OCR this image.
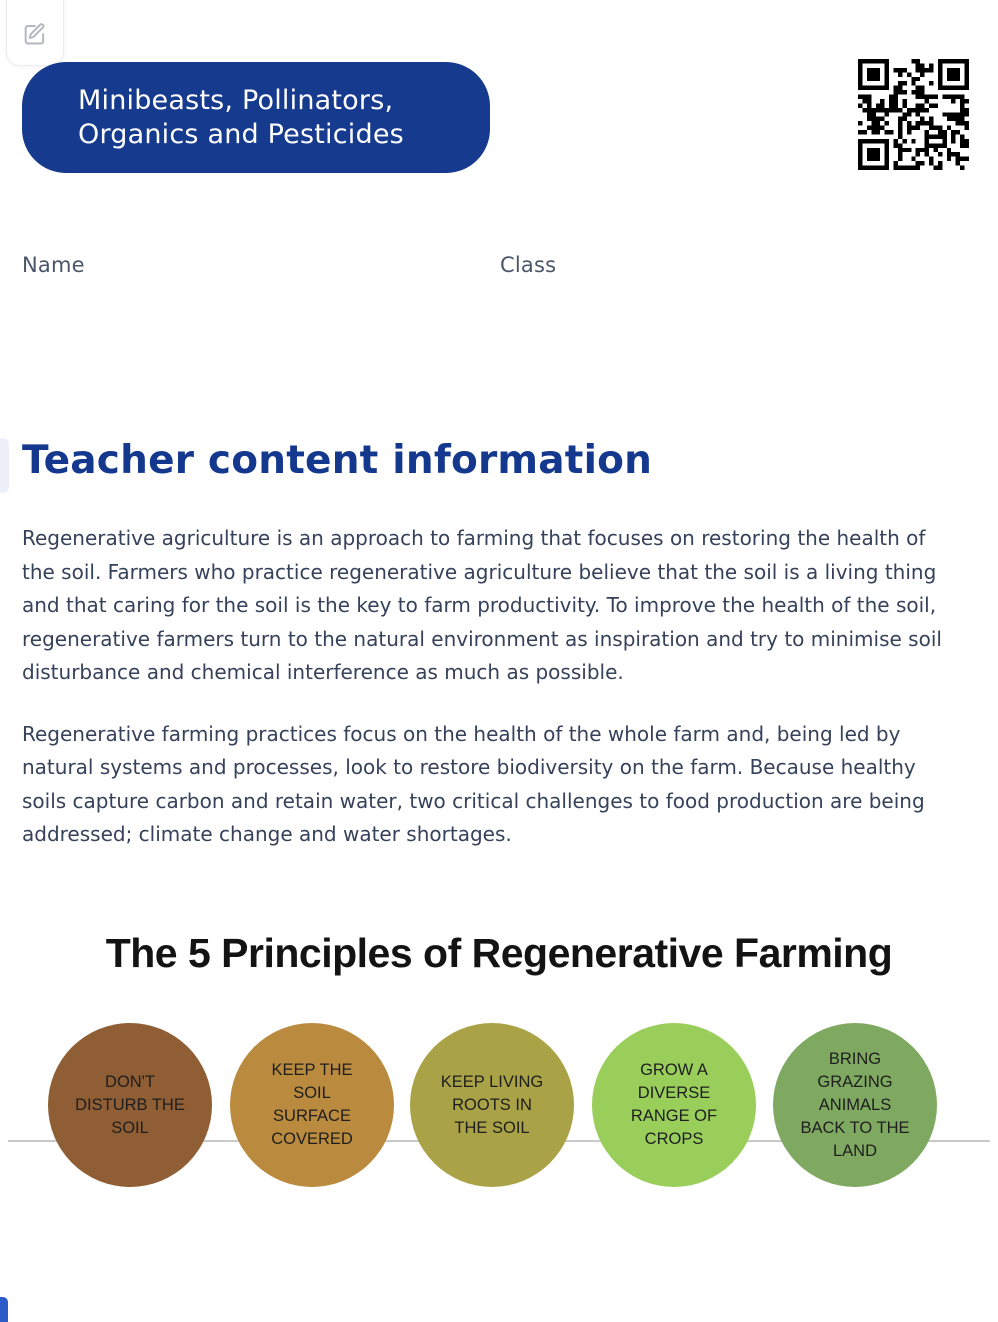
Minibeasts, Pollinators,
Organics and Pesticides
Name	Class
Teacher content information

Regenerative agriculture is an approach to farming that focuses on restoring the health of the soil. Farmers who practice regenerative agriculture believe that the soil is a living thing and that caring for the soil is the key to farm productivity. To improve the health of the soil, regenerative farmers turn to the natural environment as inspiration and try to minimise soil disturbance and chemical interference as much as possible.

Regenerative farming practices focus on the health of the whole farm and, being led by natural systems and processes, look to restore biodiversity on the farm. Because healthy soils capture carbon and retain water, two critical challenges to food production are being addressed; climate change and water shortages.

The 5 Principles of Regenerative Farming
DON'T DISTURB THE SOIL
KEEP THE SOIL SURFACE COVERED
KEEP LIVING ROOTS IN THE SOIL
GROW A DIVERSE RANGE OF CROPS
BRING GRAZING ANIMALS BACK TO THE LAND
